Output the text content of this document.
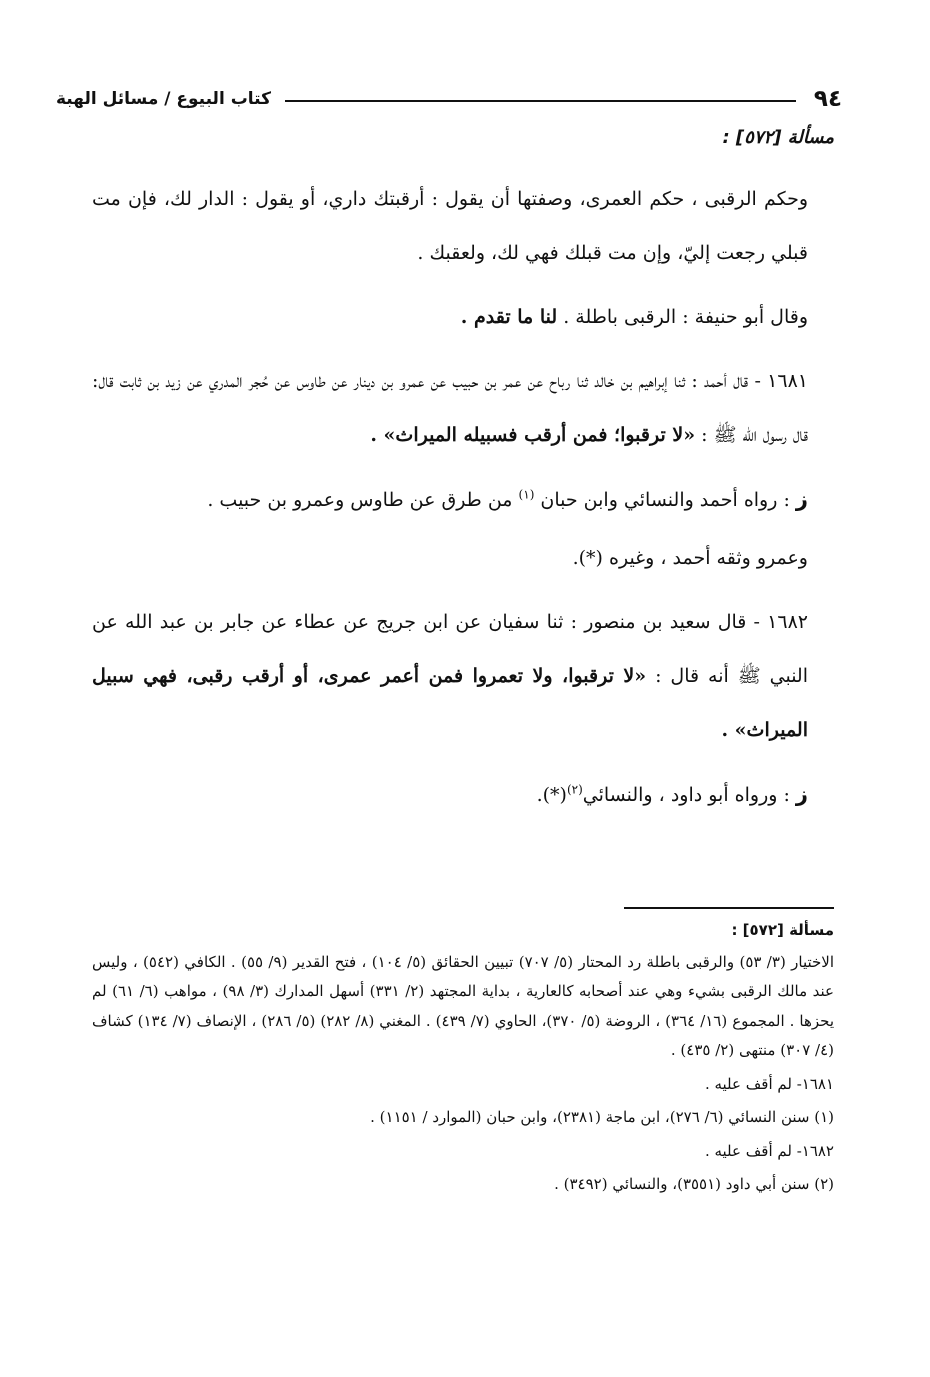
٩٤
كتاب البيوع / مسائل الهبة
مسألة [٥٧٢] :

وحكم الرقبى ، حكم العمرى، وصفتها أن يقول : أرقبتك داري، أو يقول : الدار لك، فإن مت قبلي رجعت إليّ، وإن مت قبلك فهي لك، ولعقبك .

وقال أبو حنيفة : الرقبى باطلة . لنا ما تقدم .

١٦٨١ - قال أحمد : ثنا إبراهيم بن خالد ثنا رباح عن عمر بن حبيب عن عمرو بن دينار عن طاوس عن حُجر المدري عن زيد بن ثابت قال: قال رسول الله ﷺ : «لا ترقبوا؛ فمن أرقب فسبيله الميراث» .

ز : رواه أحمد والنسائي وابن حبان $^{(١)}$ من طرق عن طاوس وعمرو بن حبيب .

وعمرو وثقه أحمد ، وغيره (*).

١٦٨٢ - قال سعيد بن منصور : ثنا سفيان عن ابن جريج عن عطاء عن جابر بن عبد الله عن النبي ﷺ أنه قال : «لا ترقبوا، ولا تعمروا فمن أعمر عمرى، أو أرقب رقبى، فهي سبيل الميراث» .

ز : ورواه أبو داود ، والنسائي$^{(٢)}$(*).

مسألة [٥٧٢] :

الاختيار (٣/ ٥٣) والرقبى باطلة رد المحتار (٥/ ٧٠٧) تبيين الحقائق (٥/ ١٠٤) ، فتح القدير (٩/ ٥٥) . الكافي (٥٤٢) ، وليس عند مالك الرقبى بشيء وهي عند أصحابه كالعارية ، بداية المجتهد (٢/ ٣٣١) أسهل المدارك (٣/ ٩٨) ، مواهب (٦/ ٦١) لم يحزها . المجموع (١٦/ ٣٦٤) ، الروضة (٥/ ٣٧٠)، الحاوي (٧/ ٤٣٩) . المغني (٨/ ٢٨٢) (٥/ ٢٨٦) ، الإنصاف (٧/ ١٣٤) كشاف (٤/ ٣٠٧) منتهى (٢/ ٤٣٥) .

١٦٨١- لم أقف عليه .

(١) سنن النسائي (٦/ ٢٧٦)، ابن ماجة (٢٣٨١)، وابن حبان (الموارد / ١١٥١) .

١٦٨٢- لم أقف عليه .

(٢) سنن أبي داود (٣٥٥١)، والنسائي (٣٤٩٢) .
